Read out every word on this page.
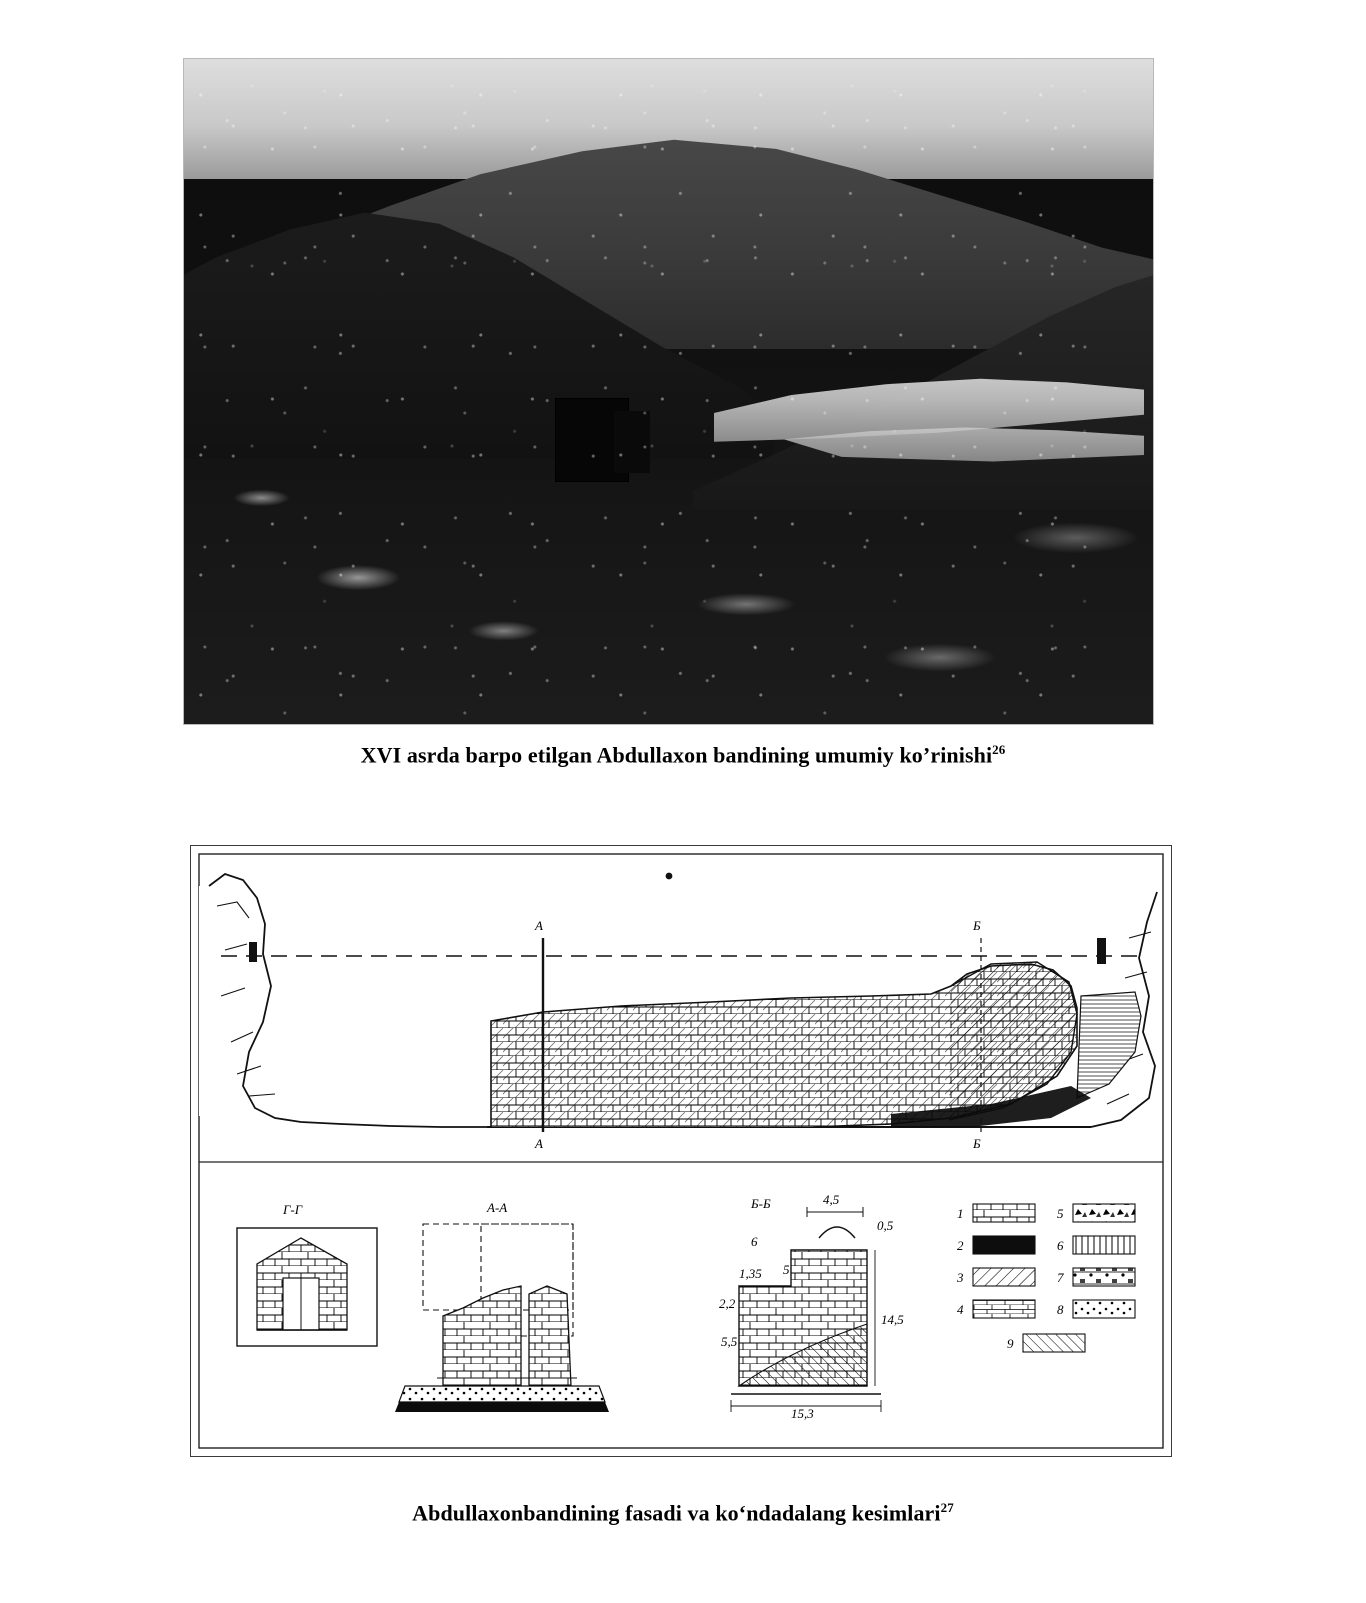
XVI asrda barpo etilgan Abdullaxon bandining umumiy ko’rinishi$^{26}$
A
A
Б
Б
Г-Г	A-A	Б-Б	4,5
6
5
0,5
14,5
5,5
2,2
1,35
15,3
1
2
3
4
5
6
7
8
9
Abdullaxonbandining fasadi va ko‘ndadalang kesimlari$^{27}$
